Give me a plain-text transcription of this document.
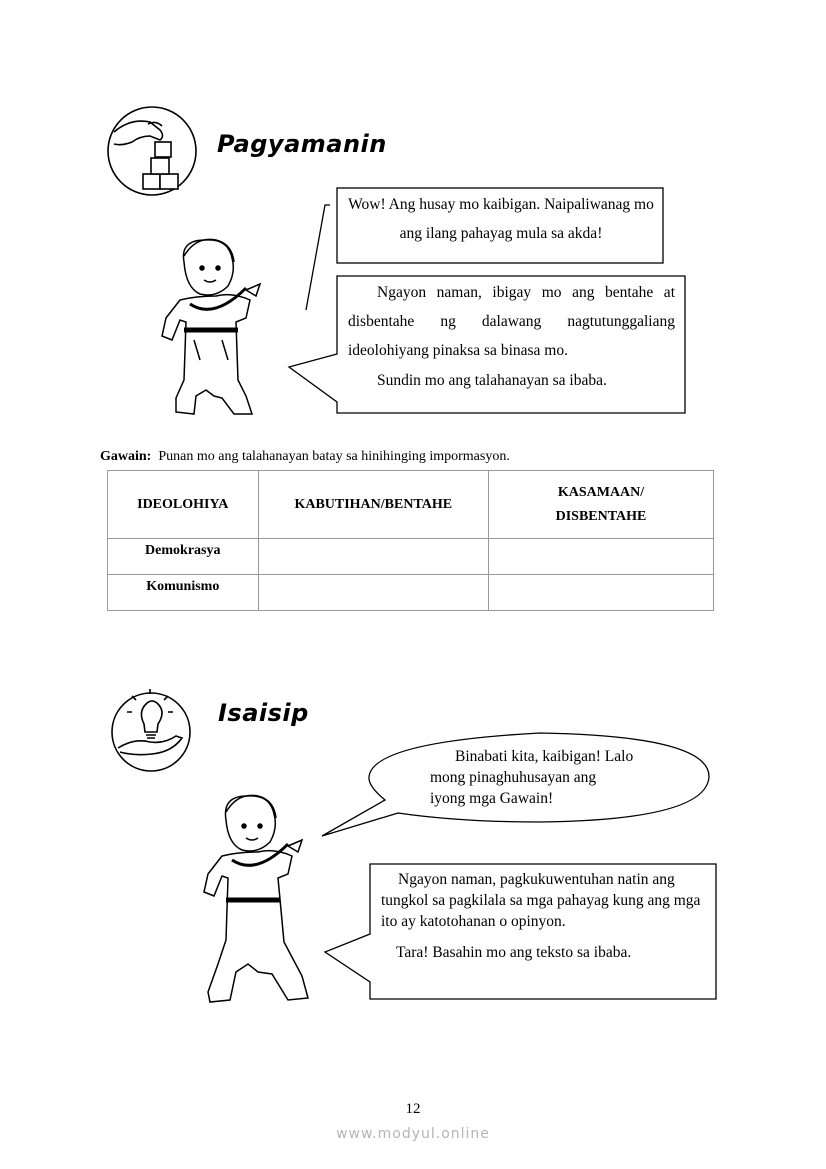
Pagyamanin
Wow! Ang husay mo kaibigan. Naipaliwanag mo ang ilang pahayag mula sa akda!
Ngayon naman, ibigay mo ang bentahe at disbentahe ng dalawang nagtutunggaliang ideolohiyang pinaksa sa binasa mo.
Sundin mo ang talahanayan sa ibaba.
Gawain: Punan mo ang talahanayan batay sa hinihinging impormasyon.
IDEOLOHIYA	KABUTIHAN/BENTAHE	KASAMAAN/
DISBENTAHE
Demokrasya		
Komunismo		
Isaisip
Binabati kita, kaibigan! Lalo
mong pinaghuhusayan ang
iyong mga Gawain!
Ngayon naman, pagkukuwentuhan natin ang tungkol sa pagkilala sa mga pahayag kung ang mga ito ay katotohanan o opinyon.
Tara! Basahin mo ang teksto sa ibaba.
12
www.modyul.online
